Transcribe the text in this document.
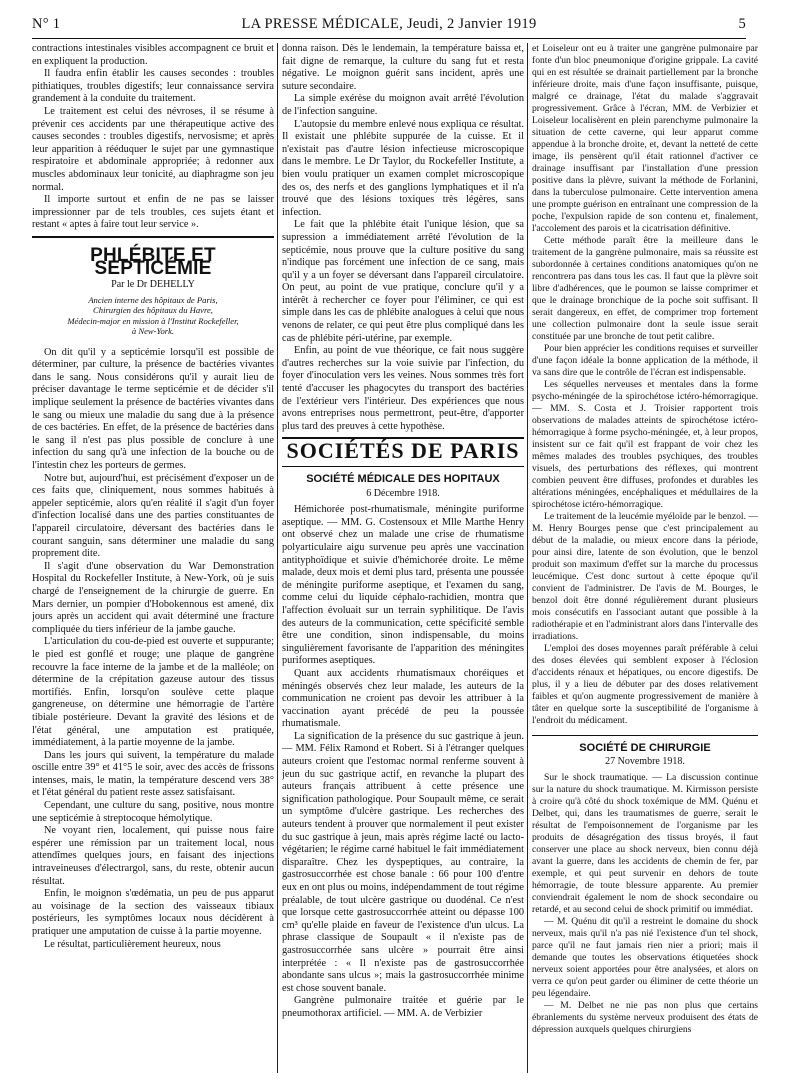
N° 1	LA PRESSE MÉDICALE, Jeudi, 2 Janvier 1919	5

contractions intestinales visibles accompagnent ce bruit et en expliquent la production.

Il faudra enfin établir les causes secondes : troubles pithiatiques, troubles digestifs; leur connaissance servira grandement à la conduite du traitement.

Le traitement est celui des névroses, il se résume à prévenir ces accidents par une thérapeutique active des causes secondes : troubles digestifs, nervosisme; et après leur apparition à rééduquer le sujet par une gymnastique respiratoire et abdominale appropriée; à redonner aux muscles abdominaux leur tonicité, au diaphragme son jeu normal.

Il importe surtout et enfin de ne pas se laisser impressionner par de tels troubles, ces sujets étant et restant « aptes à faire tout leur service ».

PHLÉBITE ET SEPTICÉMIE
Par le Dr DEHELLY
Ancien interne des hôpitaux de Paris,
Chirurgien des hôpitaux du Havre,
Médecin-major en mission à l'Institut Rockefeller,
à New-York.

On dit qu'il y a septicémie lorsqu'il est possible de déterminer, par culture, la présence de bactéries vivantes dans le sang. Nous considérons qu'il y aurait lieu de préciser davantage le terme septicémie et de décider s'il implique seulement la présence de bactéries vivantes dans le sang ou mieux une maladie du sang due à la présence de ces bactéries. En effet, de la présence de bactéries dans le sang il n'est pas plus possible de conclure à une infection du sang qu'à une infection de la bouche ou de l'intestin chez les porteurs de germes.

Notre but, aujourd'hui, est précisément d'exposer un de ces faits que, cliniquement, nous sommes habitués à appeler septicémie, alors qu'en réalité il s'agit d'un foyer d'infection localisé dans une des parties constituantes de l'appareil circulatoire, déversant des bactéries dans le courant sanguin, sans déterminer une maladie du sang proprement dite.

Il s'agit d'une observation du War Demonstration Hospital du Rockefeller Institute, à New-York, où je suis chargé de l'enseignement de la chirurgie de guerre. En Mars dernier, un pompier d'Hobokennous est amené, dix jours après un accident qui avait déterminé une fracture compliquée du tiers inférieur de la jambe gauche.

L'articulation du cou-de-pied est ouverte et suppurante; le pied est gonflé et rouge; une plaque de gangrène recouvre la face interne de la jambe et de la malléole; on détermine de la crépitation gazeuse autour des tissus mortifiés. Enfin, lorsqu'on soulève cette plaque gangreneuse, on détermine une hémorragie de l'artère tibiale postérieure. Devant la gravité des lésions et de l'état général, une amputation est pratiquée, immédiatement, à la partie moyenne de la jambe.

Dans les jours qui suivent, la température du malade oscille entre 39° et 41°5 le soir, avec des accès de frissons intenses, mais, le matin, la température descend vers 38° et l'état général du patient reste assez satisfaisant.

Cependant, une culture du sang, positive, nous montre une septicémie à streptocoque hémolytique.

Ne voyant rien, localement, qui puisse nous faire espérer une rémission par un traitement local, nous attendîmes quelques jours, en faisant des injections intraveineuses d'électrargol, sans, du reste, obtenir aucun résultat.

Enfin, le moignon s'œdématia, un peu de pus apparut au voisinage de la section des vaisseaux tibiaux postérieurs, les symptômes locaux nous décidèrent à pratiquer une amputation de cuisse à la partie moyenne.

Le résultat, particulièrement heureux, nous

donna raison. Dès le lendemain, la température baissa et, fait digne de remarque, la culture du sang fut et resta négative. Le moignon guérit sans incident, après une suture secondaire.

La simple exérèse du moignon avait arrêté l'évolution de l'infection sanguine.

L'autopsie du membre enlevé nous expliqua ce résultat. Il existait une phlébite suppurée de la cuisse. Et il n'existait pas d'autre lésion infectieuse microscopique dans le membre. Le Dr Taylor, du Rockefeller Institute, a bien voulu pratiquer un examen complet microscopique des os, des nerfs et des ganglions lymphatiques et il n'a trouvé que des lésions toxiques très légères, sans infection.

Le fait que la phlébite était l'unique lésion, que sa supression a immédiatement arrêté l'évolution de la septicémie, nous prouve que la culture positive du sang n'indique pas forcément une infection de ce sang, mais qu'il y a un foyer se déversant dans l'appareil circulatoire. On peut, au point de vue pratique, conclure qu'il y a intérêt à rechercher ce foyer pour l'éliminer, ce qui est simple dans les cas de phlébite analogues à celui que nous venons de relater, ce qui peut être plus compliqué dans les cas de phlébite péri-utérine, par exemple.

Enfin, au point de vue théorique, ce fait nous suggère d'autres recherches sur la voie suivie par l'infection, du foyer d'inoculation vers les veines. Nous sommes très fort tenté d'accuser les phagocytes du transport des bactéries de l'extérieur vers l'intérieur. Des expériences que nous avons entreprises nous permettront, peut-être, d'apporter plus tard des preuves à cette hypothèse.

SOCIÉTÉS DE PARIS
SOCIÉTÉ MÉDICALE DES HOPITAUX
6 Décembre 1918.

Hémichorée post-rhumatismale, méningite puriforme aseptique. — MM. G. Costensoux et Mlle Marthe Henry ont observé chez un malade une crise de rhumatisme polyarticulaire aigu survenue peu après une vaccination antityphoïdique et suivie d'hémichorée droite. Le même malade, deux mois et demi plus tard, présenta une poussée de méningite puriforme aseptique, et l'examen du sang, comme celui du liquide céphalo-rachidien, montra que l'affection évoluait sur un terrain syphilitique. De l'avis des auteurs de la communication, cette spécificité semble être une condition, sinon indispensable, du moins singulièrement favorisante de l'apparition des méningites puriformes aseptiques.

Quant aux accidents rhumatismaux choréiques et méningés observés chez leur malade, les auteurs de la communication ne croient pas devoir les attribuer à la vaccination ayant précédé de peu la poussée rhumatismale.

La signification de la présence du suc gastrique à jeun. — MM. Félix Ramond et Robert. Si à l'étranger quelques auteurs croient que l'estomac normal renferme souvent à jeun du suc gastrique actif, en revanche la plupart des auteurs français attribuent à cette présence une signification pathologique. Pour Soupault même, ce serait un symptôme d'ulcère gastrique. Les recherches des auteurs tendent à prouver que normalement il peut exister du suc gastrique à jeun, mais après régime lacté ou lacto-végétarien; le régime carné habituel le fait immédiatement disparaître. Chez les dyspeptiques, au contraire, la gastrosuccorrhée est chose banale : 66 pour 100 d'entre eux en ont plus ou moins, indépendamment de tout régime préalable, de tout ulcère gastrique ou duodénal. Ce n'est que lorsque cette gastrosuccorrhée atteint ou dépasse 100 cm³ qu'elle plaide en faveur de l'existence d'un ulcus. La phrase classique de Soupault « il n'existe pas de gastrosuccorrhée sans ulcère » pourrait être ainsi interprétée : « Il n'existe pas de gastrosuccorrhée abondante sans ulcus »; mais la gastrosuccorrhée minime est chose souvent banale.

Gangrène pulmonaire traitée et guérie par le pneumothorax artificiel. — MM. A. de Verbizier

et Loiseleur ont eu à traiter une gangrène pulmonaire par fonte d'un bloc pneumonique d'origine grippale. La cavité qui en est résultée se drainait partiellement par la bronche inférieure droite, mais d'une façon insuffisante, puisque, malgré ce drainage, l'état du malade s'aggravait progressivement. Grâce à l'écran, MM. de Verbizier et Loiseleur localisèrent en plein parenchyme pulmonaire la situation de cette caverne, qui leur apparut comme appendue à la bronche droite, et, devant la netteté de cette image, ils pensèrent qu'il était rationnel d'activer ce drainage insuffisant par l'installation d'une pression positive dans la plèvre, suivant la méthode de Forlanini, dans la tuberculose pulmonaire. Cette intervention amena une prompte guérison en entraînant une compression de la poche, l'expulsion rapide de son contenu et, finalement, l'accolement des parois et la cicatrisation définitive.

Cette méthode paraît être la meilleure dans le traitement de la gangrène pulmonaire, mais sa réussite est subordonnée à certaines conditions anatomiques qu'on ne rencontrera pas dans tous les cas. Il faut que la plèvre soit libre d'adhérences, que le poumon se laisse comprimer et que le drainage bronchique de la poche soit suffisant. Il serait dangereux, en effet, de comprimer trop fortement une collection pulmonaire dont la seule issue serait constituée par une bronche de tout petit calibre.

Pour bien apprécier les conditions requises et surveiller d'une façon idéale la bonne application de la méthode, il va sans dire que le contrôle de l'écran est indispensable.

Les séquelles nerveuses et mentales dans la forme psycho-méningée de la spirochétose ictéro-hémorragique. — MM. S. Costa et J. Troisier rapportent trois observations de malades atteints de spirochétose ictéro-hémorragique à forme psycho-méningée, et, à leur propos, insistent sur ce fait qu'il est frappant de voir chez les mêmes malades des troubles psychiques, des troubles visuels, des perturbations des réflexes, qui montrent combien peuvent être diffuses, profondes et durables les altérations méningées, encéphaliques et médullaires de la spirochétose ictéro-hémorragique.

Le traitement de la leucémie myéloïde par le benzol. — M. Henry Bourges pense que c'est principalement au début de la maladie, ou mieux encore dans la période, pour ainsi dire, latente de son évolution, que le benzol produit son maximum d'effet sur la marche du processus leucémique. C'est donc surtout à cette époque qu'il convient de l'administrer. De l'avis de M. Bourges, le benzol doit être donné régulièrement durant plusieurs mois consécutifs en l'associant autant que possible à la radiothérapie et en l'administrant alors dans l'intervalle des irradiations.

L'emploi des doses moyennes paraît préférable à celui des doses élevées qui semblent exposer à l'éclosion d'accidents rénaux et hépatiques, ou encore digestifs. De plus, il y a lieu de débuter par des doses relativement faibles et qu'on augmente progressivement de manière à tâter en quelque sorte la susceptibilité de l'organisme à l'endroit du médicament.

SOCIÉTÉ DE CHIRURGIE
27 Novembre 1918.

Sur le shock traumatique. — La discussion continue sur la nature du shock traumatique. M. Kirmisson persiste à croire qu'à côté du shock toxémique de MM. Quénu et Delbet, qui, dans les traumatismes de guerre, serait le résultat de l'empoisonnement de l'organisme par les produits de désagrégation des tissus broyés, il faut conserver une place au shock nerveux, bien connu déjà avant la guerre, dans les accidents de chemin de fer, par exemple, et qui peut survenir en dehors de toute hémorragie, de toute blessure apparente. Au premier conviendrait également le nom de shock secondaire ou retardé, et au second celui de shock primitif ou immédiat.

— M. Quénu dit qu'il a restreint le domaine du shock nerveux, mais qu'il n'a pas nié l'existence d'un tel shock, parce qu'il ne faut jamais rien nier a priori; mais il demande que toutes les observations étiquetées shock nerveux soient apportées pour être analysées, et alors on verra ce qu'on peut garder ou éliminer de cette théorie un peu légendaire.

— M. Delbet ne nie pas non plus que certains ébranlements du système nerveux produisent des états de dépression auxquels quelques chirurgiens
